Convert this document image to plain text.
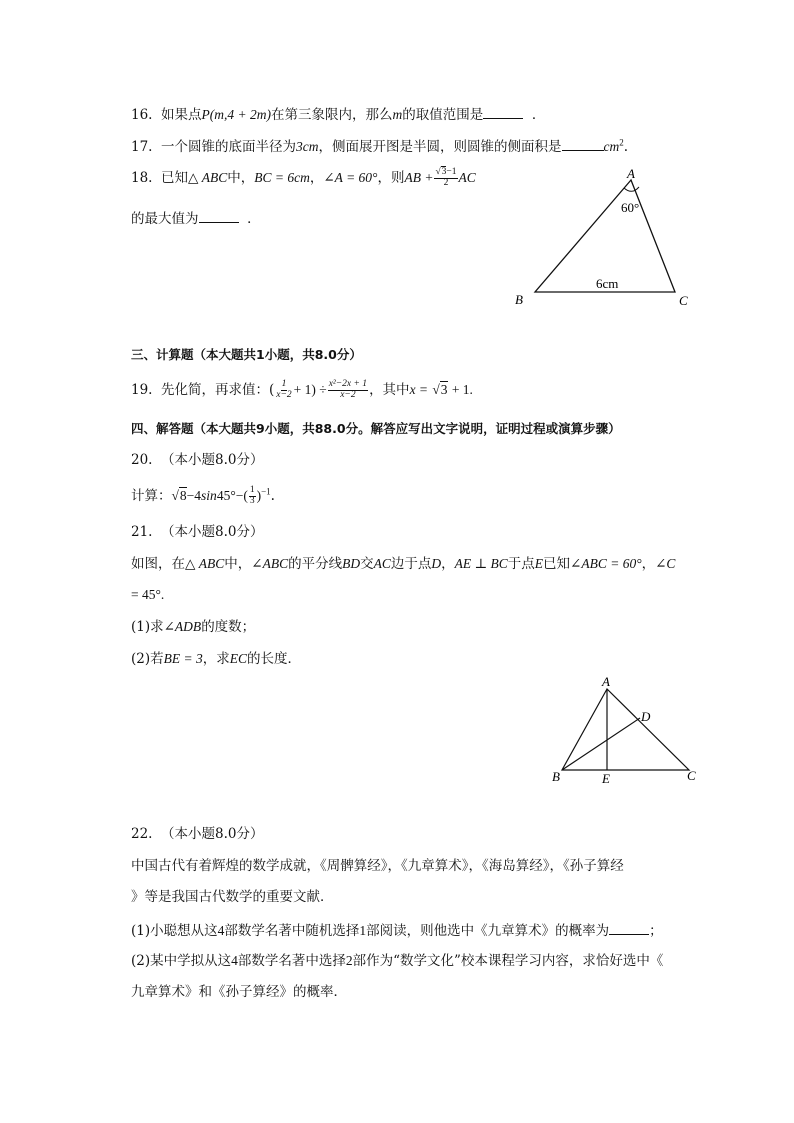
16. 如果点P(m,4 + 2m)在第三象限内，那么m的取值范围是	．
17. 一个圆锥的底面半径为3cm，侧面展开图是半圆，则圆锥的侧面积是	$cm^2$.
18. 已知△ ABC中，BC = 6cm，∠A = 60°，则AB + $\frac{√3-1}{2}$ AC
的最大值为	．
A
B	C
60°
6cm
三、计算题（本大题共1小题，共8.0分）
19. 先化简，再求值：( $\frac{1}{x-2} + 1) \div \frac{\text{x²−2x + 1}}{x-2}$ ，其中x = √3 + 1.
四、解答题（本大题共9小题，共88.0分。解答应写出文字说明，证明过程或演算步骤）
20. （本小题8.0分）
计算：$√8-4\sin 45^\circ-( \frac{1}{3} )^{-1}$.
21. （本小题8.0分）
如图，在△ ABC中，∠ABC的平分线BD交AC边于点D，AE ⊥ BC于点E已知∠ABC = 60°，∠C
= 45°.
(1)求∠ADB的度数；
(2)若BE = 3，求EC的长度．
A
B	C
D
E
22. （本小题8.0分）
中国古代有着辉煌的数学成就，《周髀算经》，《九章算术》，《海岛算经》，《孙子算经
》等是我国古代数学的重要文献．
(1)小聪想从这4部数学名著中随机选择1部阅读，则他选中《九章算术》的概率为	；
(2)某中学拟从这4部数学名著中选择2部作为“数学文化”校本课程学习内容，求恰好选中《
九章算术》和《孙子算经》的概率．
